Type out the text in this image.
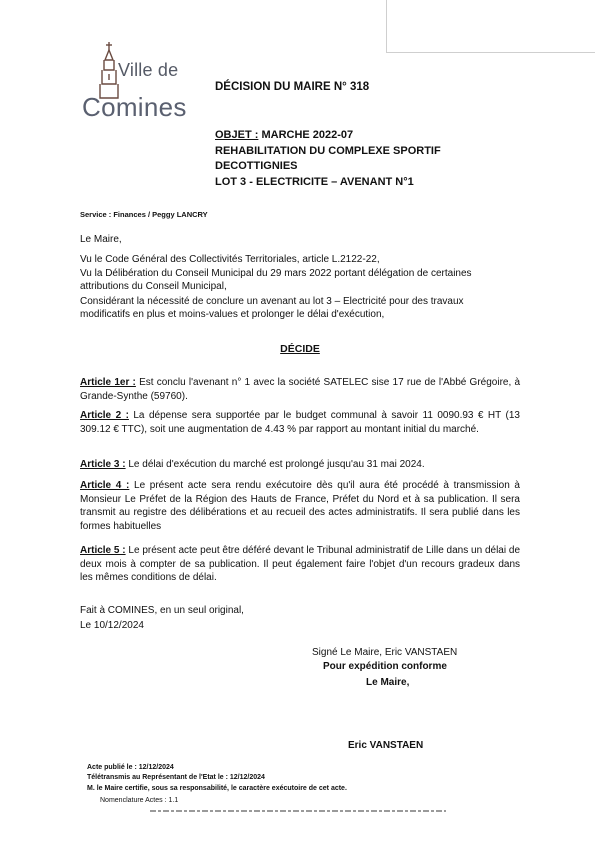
Ville de
Comines
DÉCISION DU MAIRE N° 318
OBJET : MARCHE 2022-07
REHABILITATION DU COMPLEXE SPORTIF
DECOTTIGNIES
LOT 3 - ELECTRICITE – AVENANT N°1
Service : Finances / Peggy LANCRY
Le Maire,
Vu le Code Général des Collectivités Territoriales, article L.2122-22,
Vu la Délibération du Conseil Municipal du 29 mars 2022 portant délégation de certaines
attributions du Conseil Municipal,
Considérant la nécessité de conclure un avenant au lot 3 – Electricité pour des travaux
modificatifs en plus et moins-values et prolonger le délai d'exécution,
DÉCIDE
Article 1er : Est conclu l'avenant n° 1 avec la société SATELEC sise 17 rue de l'Abbé Grégoire, à Grande-Synthe (59760).
Article 2 : La dépense sera supportée par le budget communal à savoir 11 0090.93 € HT (13 309.12 € TTC), soit une augmentation de 4.43 % par rapport au montant initial du marché.
Article 3 : Le délai d'exécution du marché est prolongé jusqu'au 31 mai 2024.
Article 4 : Le présent acte sera rendu exécutoire dès qu'il aura été procédé à transmission à Monsieur Le Préfet de la Région des Hauts de France, Préfet du Nord et à sa publication. Il sera transmit au registre des délibérations et au recueil des actes administratifs. Il sera publié dans les formes habituelles
Article 5 : Le présent acte peut être déféré devant le Tribunal administratif de Lille dans un délai de deux mois à compter de sa publication. Il peut également faire l'objet d'un recours gradeux dans les mêmes conditions de délai.
Fait à COMINES, en un seul original,
Le 10/12/2024
Signé Le Maire, Eric VANSTAEN
Pour expédition conforme
Le Maire,
Eric VANSTAEN
Acte publié le : 12/12/2024
Télétransmis au Représentant de l'Etat le : 12/12/2024
M. le Maire certifie, sous sa responsabilité, le caractère exécutoire de cet acte.
Nomenclature Actes : 1.1
